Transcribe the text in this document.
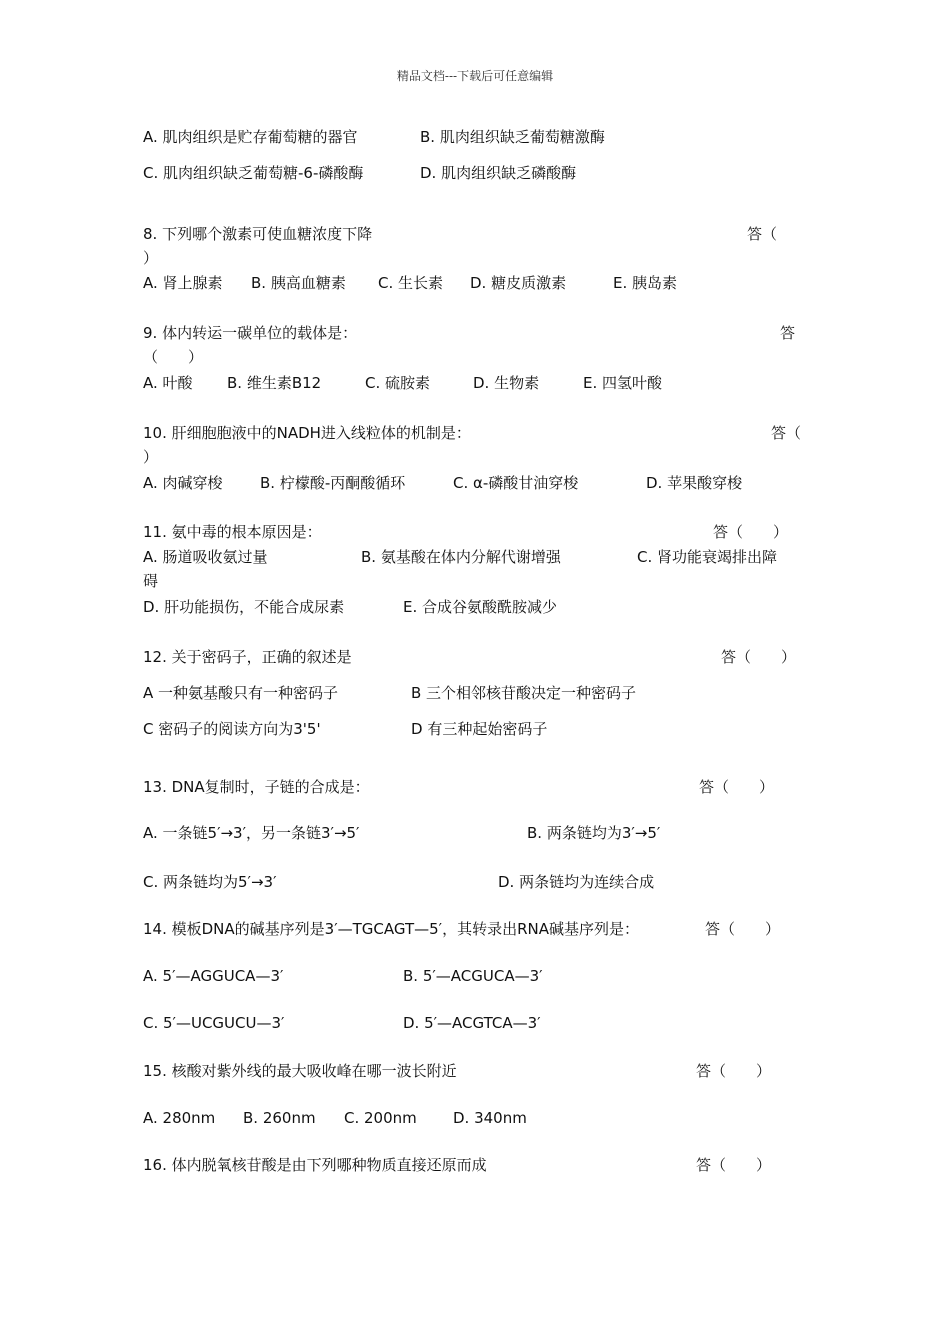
精品文档---下载后可任意编辑
A. 肌肉组织是贮存葡萄糖的器官	B. 肌肉组织缺乏葡萄糖激酶
C. 肌肉组织缺乏葡萄糖-6-磷酸酶	D. 肌肉组织缺乏磷酸酶
8. 下列哪个激素可使血糖浓度下降	答（
）
A. 肾上腺素 B. 胰高血糖素 C. 生长素 D. 糖皮质激素	E. 胰岛素
9. 体内转运一碳单位的载体是：	答
（　　）
A. 叶酸 B. 维生素B12	C. 硫胺素	D. 生物素	E. 四氢叶酸
10. 肝细胞胞液中的NADH进入线粒体的机制是：	答（
）
A. 肉碱穿梭 B. 柠檬酸-丙酮酸循环	C. α-磷酸甘油穿梭	D. 苹果酸穿梭
11. 氨中毒的根本原因是：	答（　　）
A. 肠道吸收氨过量	B. 氨基酸在体内分解代谢增强	C. 肾功能衰竭排出障
碍
D. 肝功能损伤，不能合成尿素	E. 合成谷氨酸酰胺减少
12. 关于密码子，正确的叙述是	答（　　）
A 一种氨基酸只有一种密码子	B 三个相邻核苷酸决定一种密码子
C 密码子的阅读方向为3'5'	D 有三种起始密码子
13. DNA复制时，子链的合成是：	答（　　）
A. 一条链5′→3′，另一条链3′→5′	B. 两条链均为3′→5′
C. 两条链均为5′→3′	D. 两条链均为连续合成
14. 模板DNA的碱基序列是3′—TGCAGT—5′，其转录出RNA碱基序列是：	答（　　）
A. 5′—AGGUCA—3′	B. 5′—ACGUCA—3′
C. 5′—UCGUCU—3′	D. 5′—ACGTCA—3′
15. 核酸对紫外线的最大吸收峰在哪一波长附近	答（　　）
A. 280nm B. 260nm C. 200nm D. 340nm
16. 体内脱氧核苷酸是由下列哪种物质直接还原而成	答（　　）
